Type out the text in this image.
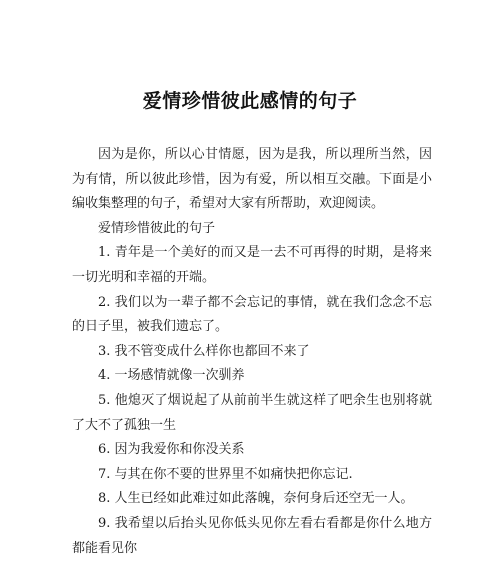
爱情珍惜彼此感情的句子

因为是你，所以心甘情愿，因为是我，所以理所当然，因为有情，所以彼此珍惜，因为有爱，所以相互交融。下面是小编收集整理的句子，希望对大家有所帮助，欢迎阅读。

爱情珍惜彼此的句子

1. 青年是一个美好的而又是一去不可再得的时期，是将来一切光明和幸福的开端。

2. 我们以为一辈子都不会忘记的事情，就在我们念念不忘的日子里，被我们遗忘了。

3. 我不管变成什么样你也都回不来了

4. 一场感情就像一次驯养

5. 他熄灭了烟说起了从前前半生就这样了吧余生也别将就了大不了孤独一生

6. 因为我爱你和你没关系

7. 与其在你不要的世界里不如痛快把你忘记.

8. 人生已经如此难过如此落魄，奈何身后还空无一人。

9. 我希望以后抬头见你低头见你左看右看都是你什么地方都能看见你
